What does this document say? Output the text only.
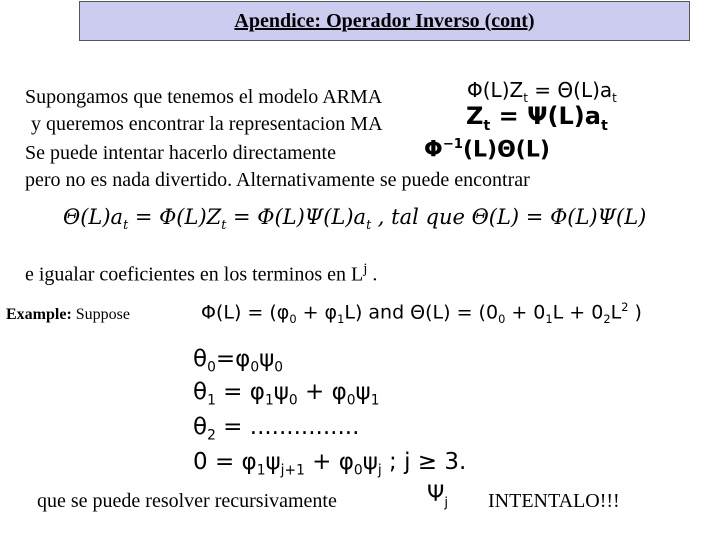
Apendice: Operador Inverso (cont)
Supongamos que tenemos el modelo ARMA	$\Phi(L)Z_t = \Theta(L)a_t$
y queremos encontrar la representacion MA	$Z_t = \Psi(L)a_t$
Se puede intentar hacerlo directamente	$\Phi^{-1}(L)\Theta(L)$
pero no es nada divertido. Alternativamente se puede encontrar
$\Theta(L)a_t = \Phi(L)Z_t = \Phi(L)\Psi(L)a_t$ , tal que Θ(L) = Φ(L)Ψ(L)
e igualar coeficientes en los terminos en $L^j$ .
Example: Suppose	$\Phi(L) = (\varphi_0 + \varphi_1L)$ and $\Theta(L) = (0_0 + 0_1L + 0_2L^2$ )
$\theta_0=\varphi_0\psi_0$
$\theta_1 = \varphi_1\psi_0 + \varphi_0\psi_1$
$\theta_2$ = ...............
$0 = \varphi_1\psi_{j+1} + \varphi_0\psi_j$ ; j ≥ 3.
que se puede resolver recursivamente	$\Psi_j$ INTENTALO!!!
